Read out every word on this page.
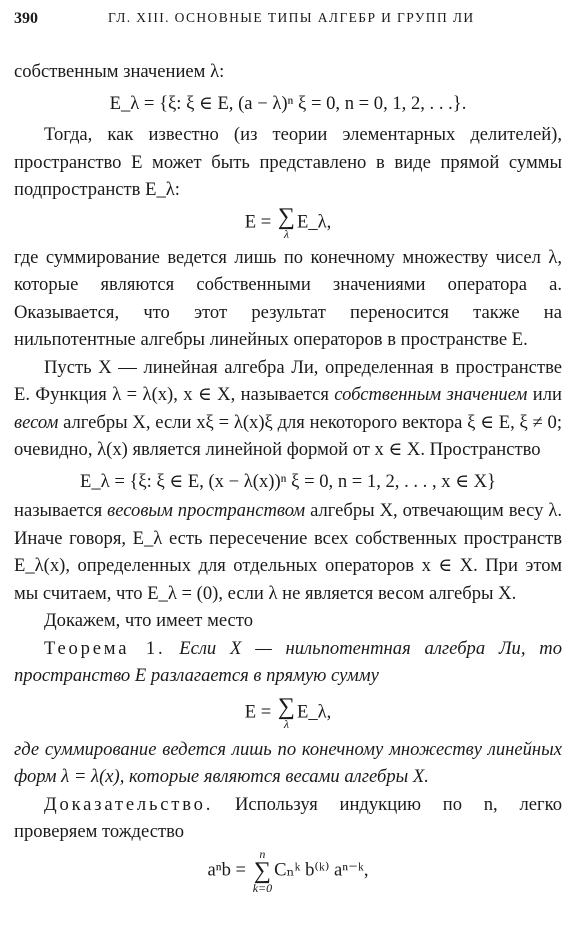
390	ГЛ. XIII. ОСНОВНЫЕ ТИПЫ АЛГЕБР И ГРУПП ЛИ

собственным значением λ:

E_λ = {ξ: ξ ∈ E, (a − λ)ⁿ ξ = 0, n = 0, 1, 2, . . .}.

Тогда, как известно (из теории элементарных делителей), пространство E может быть представлено в виде прямой суммы подпространств E_λ:

E = ∑
λ
E_λ,

где суммирование ведется лишь по конечному множеству чисел λ, которые являются собственными значениями оператора a. Оказывается, что этот результат переносится также на нильпотентные алгебры линейных операторов в пространстве E.

Пусть X — линейная алгебра Ли, определенная в пространстве E. Функция λ = λ(x), x ∈ X, называется собственным значением или весом алгебры X, если xξ = λ(x)ξ для некоторого вектора ξ ∈ E, ξ ≠ 0; очевидно, λ(x) является линейной формой от x ∈ X. Пространство

E_λ = {ξ: ξ ∈ E, (x − λ(x))ⁿ ξ = 0, n = 1, 2, . . . , x ∈ X}

называется весовым пространством алгебры X, отвечающим весу λ. Иначе говоря, E_λ есть пересечение всех собственных пространств E_λ(x), определенных для отдельных операторов x ∈ X. При этом мы считаем, что E_λ = (0), если λ не является весом алгебры X.

Докажем, что имеет место

Теорема 1. Если X — нильпотентная алгебра Ли, то пространство E разлагается в прямую сумму

E = ∑
λ
E_λ,

где суммирование ведется лишь по конечному множеству линейных форм λ = λ(x), которые являются весами алгебры X.

Доказательство. Используя индукцию по n, легко проверяем тождество

aⁿb =
n
∑
k=0
Cₙᵏ b⁽ᵏ⁾ aⁿ⁻ᵏ,
